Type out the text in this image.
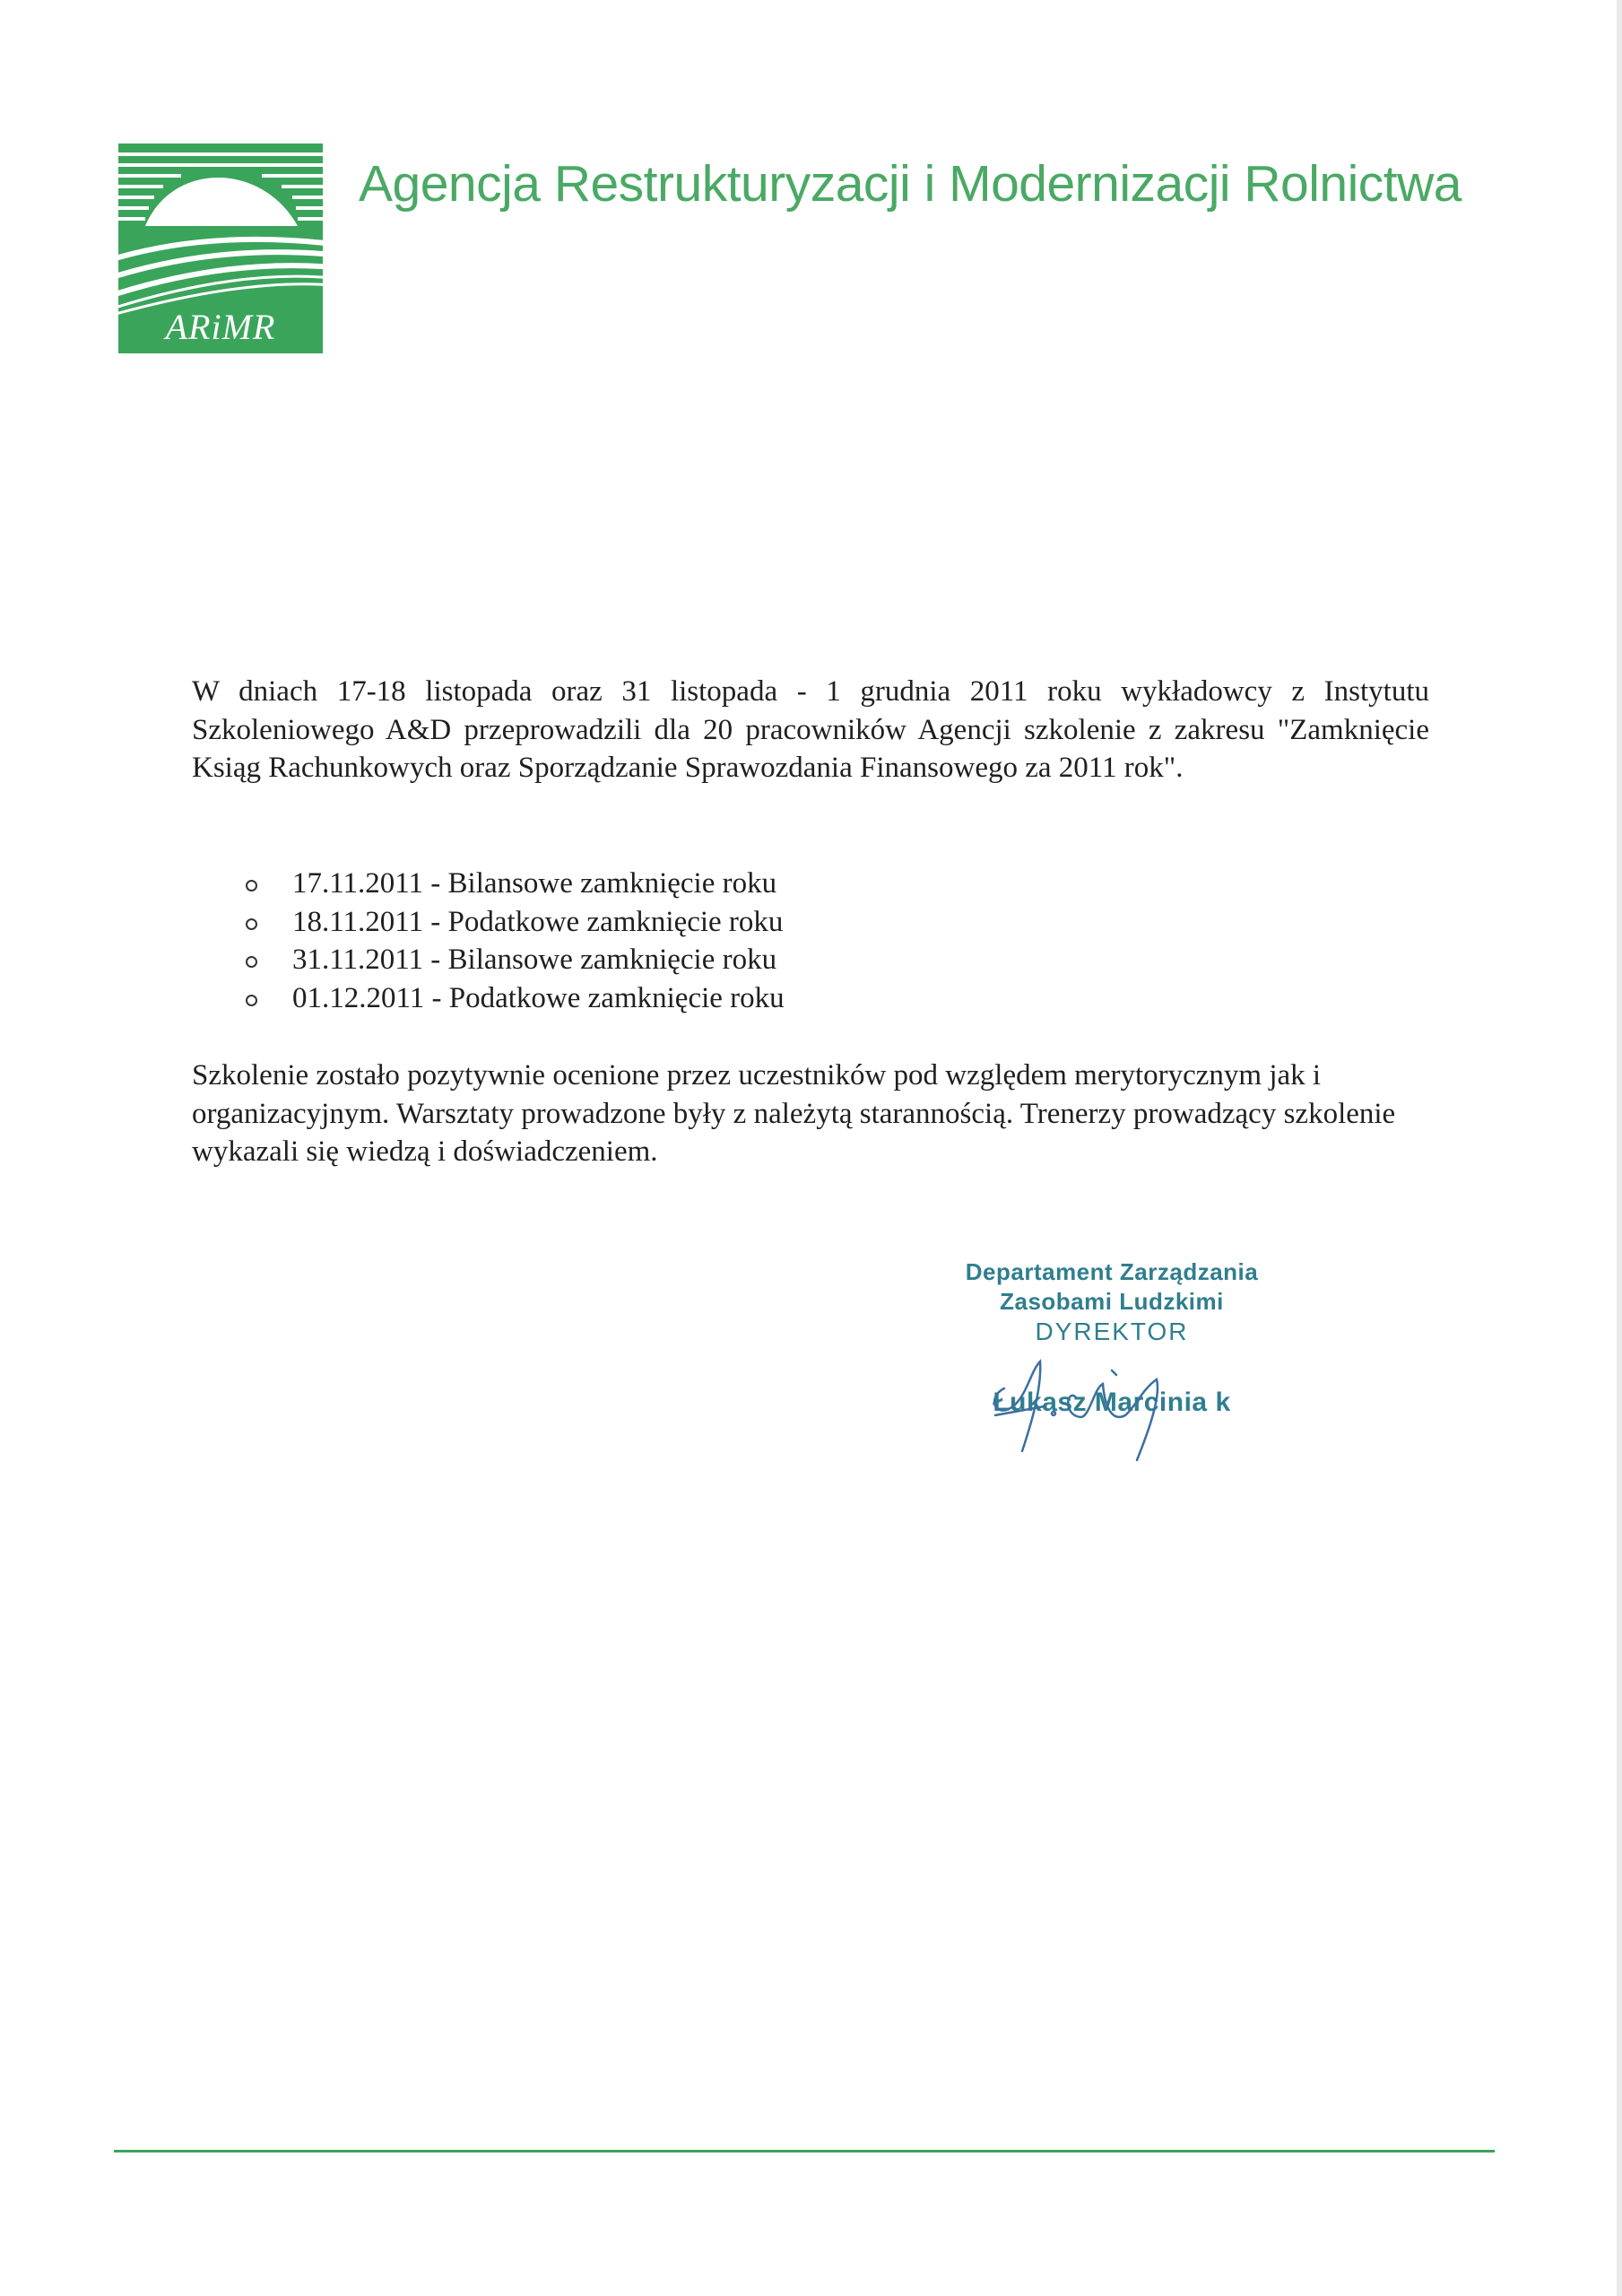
ARiMR
Agencja Restrukturyzacji i Modernizacji Rolnictwa
W dniach 17-18 listopada oraz 31 listopada - 1 grudnia 2011 roku wykładowcy z Instytutu Szkoleniowego A&D przeprowadzili dla 20 pracowników Agencji szkolenie z zakresu "Zamknięcie Ksiąg Rachunkowych oraz Sporządzanie Sprawozdania Finansowego za 2011 rok".
17.11.2011 - Bilansowe zamknięcie roku
18.11.2011 - Podatkowe zamknięcie roku
31.11.2011 - Bilansowe zamknięcie roku
01.12.2011 - Podatkowe zamknięcie roku
Szkolenie zostało pozytywnie ocenione przez uczestników pod względem merytorycznym jak i organizacyjnym. Warsztaty prowadzone były z należytą starannością. Trenerzy prowadzący szkolenie wykazali się wiedzą i doświadczeniem.
Departament Zarządzania
Zasobami Ludzkimi
DYREKTOR
Łukasz Marcinia k
